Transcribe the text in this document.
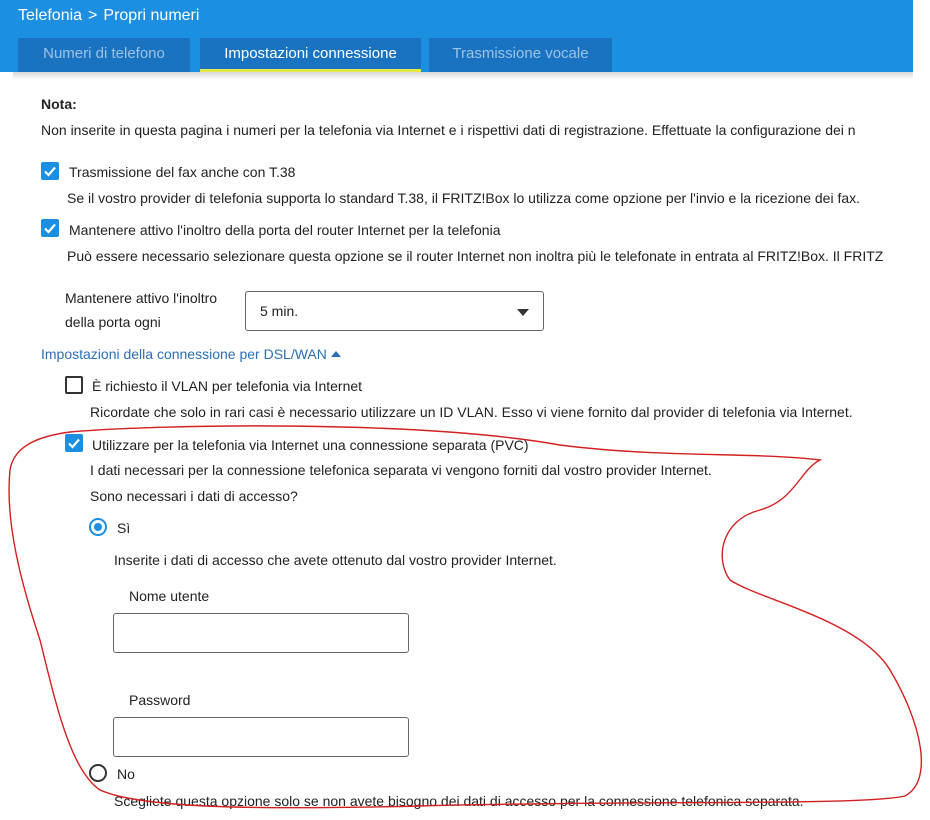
Telefonia > Propri numeri
Numeri di telefono	Impostazioni connessione	Trasmissione vocale
Nota:
Non inserite in questa pagina i numeri per la telefonia via Internet e i rispettivi dati di registrazione. Effettuate la configurazione dei n
Trasmissione del fax anche con T.38
Se il vostro provider di telefonia supporta lo standard T.38, il FRITZ!Box lo utilizza come opzione per l'invio e la ricezione dei fax.
Mantenere attivo l'inoltro della porta del router Internet per la telefonia
Può essere necessario selezionare questa opzione se il router Internet non inoltra più le telefonate in entrata al FRITZ!Box. Il FRITZ
Mantenere attivo l'inoltro
della porta ogni
5 min.
Impostazioni della connessione per DSL/WAN
È richiesto il VLAN per telefonia via Internet
Ricordate che solo in rari casi è necessario utilizzare un ID VLAN. Esso vi viene fornito dal provider di telefonia via Internet.
Utilizzare per la telefonia via Internet una connessione separata (PVC)
I dati necessari per la connessione telefonica separata vi vengono forniti dal vostro provider Internet.
Sono necessari i dati di accesso?
Sì
Inserite i dati di accesso che avete ottenuto dal vostro provider Internet.
Nome utente
Password
No
Scegliete questa opzione solo se non avete bisogno dei dati di accesso per la connessione telefonica separata.
